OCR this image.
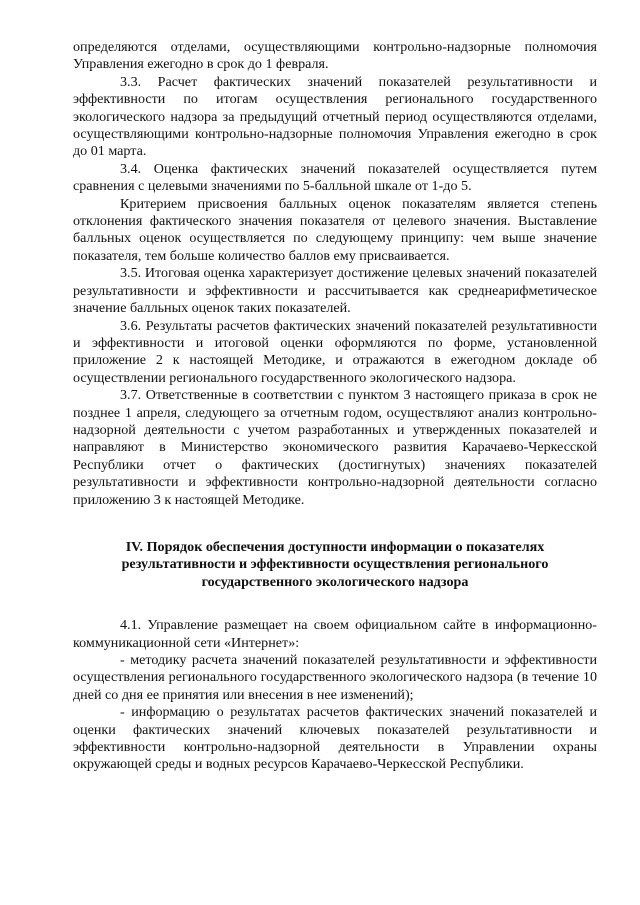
определяются отделами, осуществляющими контрольно-надзорные полномочия Управления ежегодно в срок до 1 февраля.

3.3. Расчет фактических значений показателей результативности и эффективности по итогам осуществления регионального государственного экологического надзора за предыдущий отчетный период осуществляются отделами, осуществляющими контрольно-надзорные полномочия Управления ежегодно в срок до 01 марта.

3.4. Оценка фактических значений показателей осуществляется путем сравнения с целевыми значениями по 5-балльной шкале от 1-до 5.

Критерием присвоения балльных оценок показателям является степень отклонения фактического значения показателя от целевого значения. Выставление балльных оценок осуществляется по следующему принципу: чем выше значение показателя, тем больше количество баллов ему присваивается.

3.5. Итоговая оценка характеризует достижение целевых значений показателей результативности и эффективности и рассчитывается как среднеарифметическое значение балльных оценок таких показателей.

3.6. Результаты расчетов фактических значений показателей результативности и эффективности и итоговой оценки оформляются по форме, установленной приложение 2 к настоящей Методике, и отражаются в ежегодном докладе об осуществлении регионального государственного экологического надзора.

3.7. Ответственные в соответствии с пунктом 3 настоящего приказа в срок не позднее 1 апреля, следующего за отчетным годом, осуществляют анализ контрольно-надзорной деятельности с учетом разработанных и утвержденных показателей и направляют в Министерство экономического развития Карачаево-Черкесской Республики отчет о фактических (достигнутых) значениях показателей результативности и эффективности контрольно-надзорной деятельности согласно приложению 3 к настоящей Методике.

IV. Порядок обеспечения доступности информации о показателях
результативности и эффективности осуществления регионального
государственного экологического надзора

4.1. Управление размещает на своем официальном сайте в информационно-коммуникационной сети «Интернет»:

- методику расчета значений показателей результативности и эффективности осуществления регионального государственного экологического надзора (в течение 10 дней со дня ее принятия или внесения в нее изменений);

- информацию о результатах расчетов фактических значений показателей и оценки фактических значений ключевых показателей результативности и эффективности контрольно-надзорной деятельности в Управлении охраны окружающей среды и водных ресурсов Карачаево-Черкесской Республики.
